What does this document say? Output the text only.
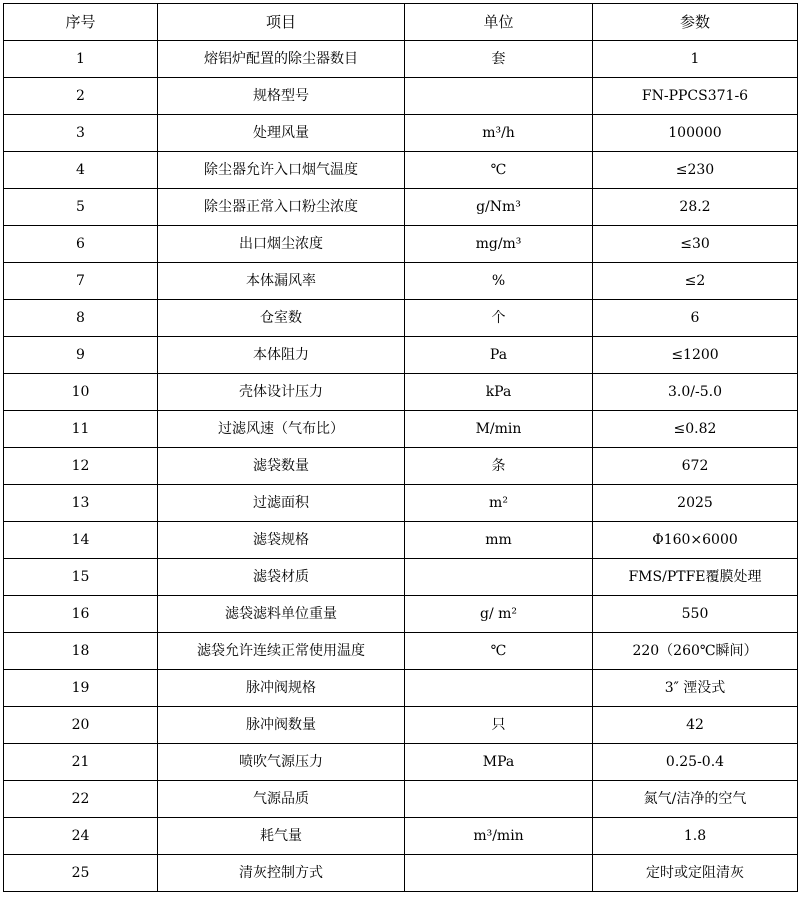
序号	项目	单位	参数
1	熔铝炉配置的除尘器数目	套	1
2	规格型号		FN-PPCS371-6
3	处理风量	m³/h	100000
4	除尘器允许入口烟气温度	℃	≤230
5	除尘器正常入口粉尘浓度	g/Nm³	28.2
6	出口烟尘浓度	mg/m³	≤30
7	本体漏风率	%	≤2
8	仓室数	个	6
9	本体阻力	Pa	≤1200
10	壳体设计压力	kPa	3.0/-5.0
11	过滤风速（气布比）	M/min	≤0.82
12	滤袋数量	条	672
13	过滤面积	m²	2025
14	滤袋规格	mm	Φ160×6000
15	滤袋材质		FMS/PTFE覆膜处理
16	滤袋滤料单位重量	g/ m²	550
18	滤袋允许连续正常使用温度	℃	220（260℃瞬间）
19	脉冲阀规格		3″ 湮没式
20	脉冲阀数量	只	42
21	喷吹气源压力	MPa	0.25-0.4
22	气源品质		氮气/洁净的空气
24	耗气量	m³/min	1.8
25	清灰控制方式		定时或定阻清灰
